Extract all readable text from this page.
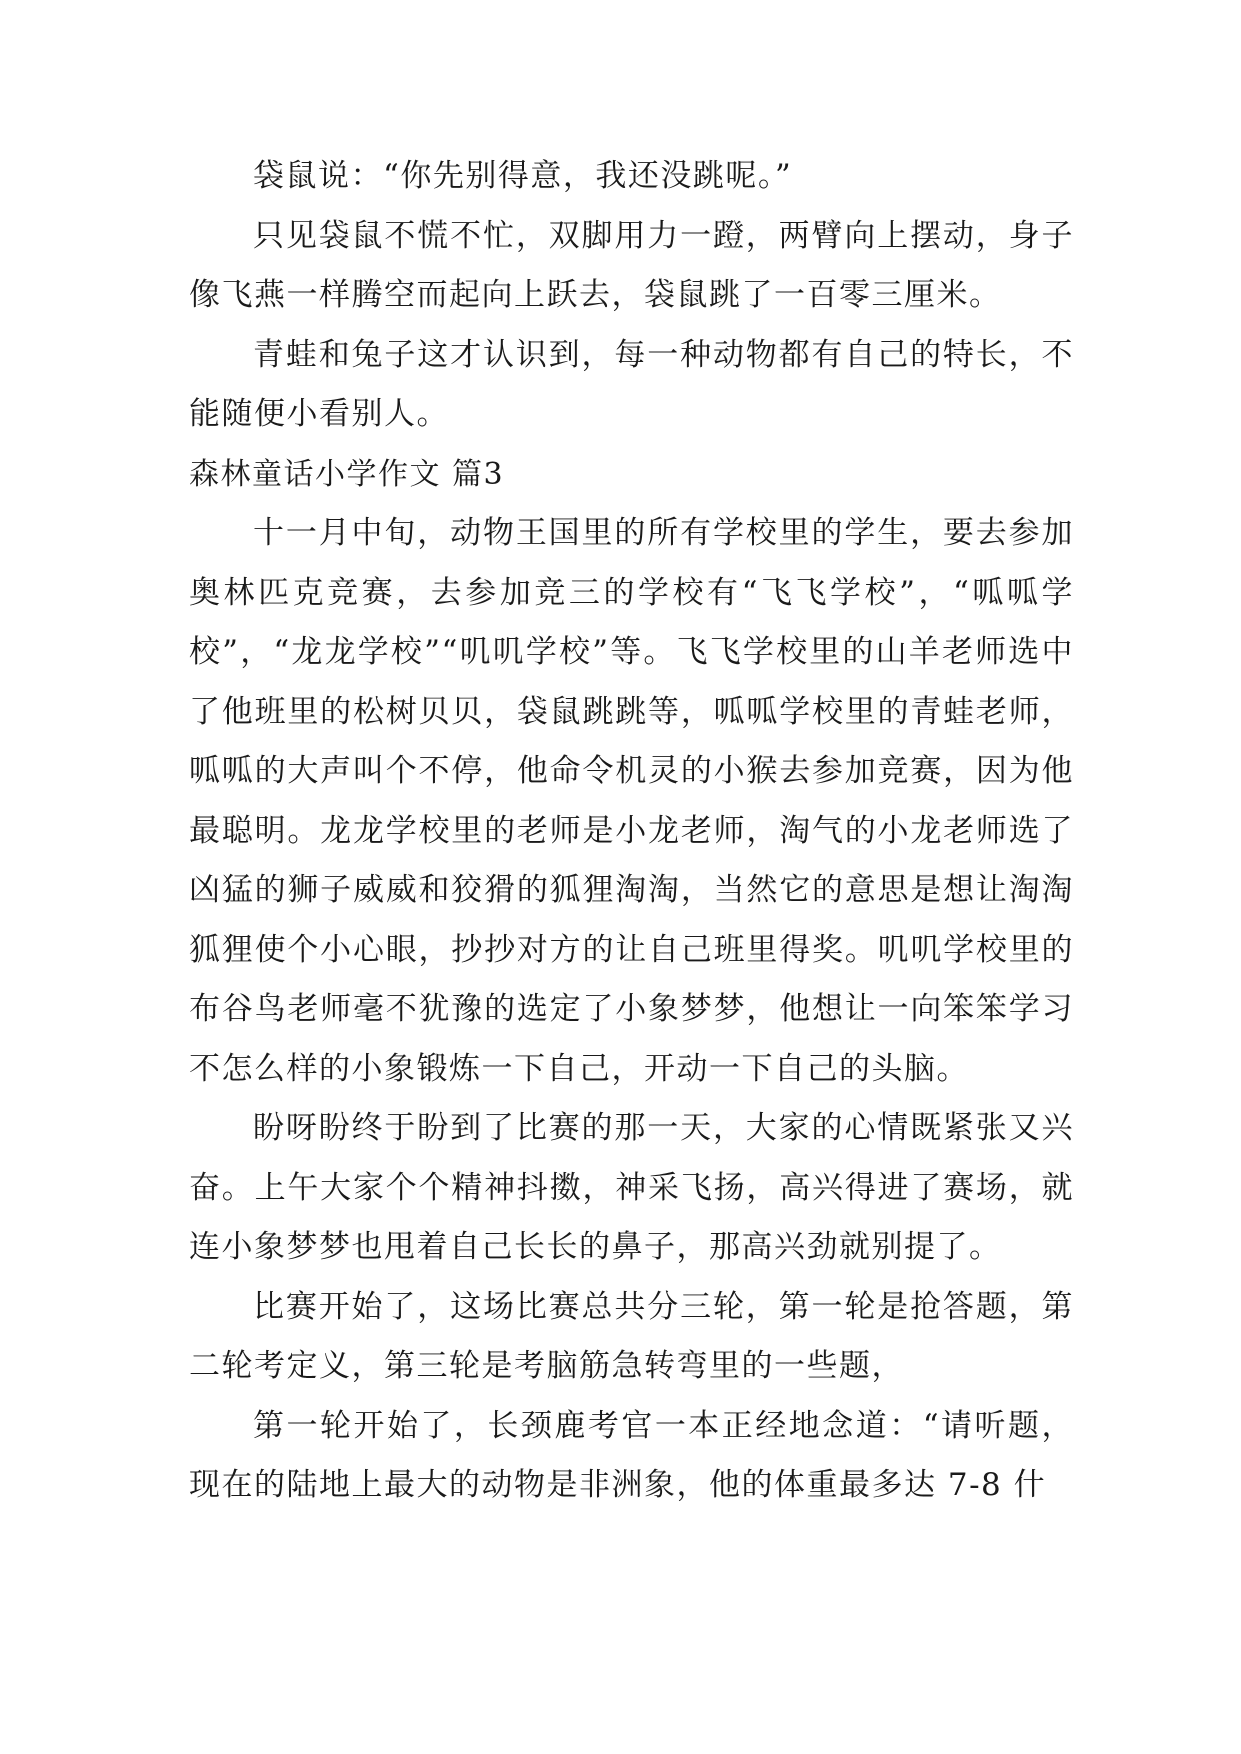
袋鼠说：“你先别得意，我还没跳呢。”

只见袋鼠不慌不忙，双脚用力一蹬，两臂向上摆动，身子像飞燕一样腾空而起向上跃去，袋鼠跳了一百零三厘米。

青蛙和兔子这才认识到，每一种动物都有自己的特长，不能随便小看别人。

森林童话小学作文 篇3

十一月中旬，动物王国里的所有学校里的学生，要去参加奥林匹克竞赛，去参加竞三的学校有“飞飞学校”，“呱呱学校”，“龙龙学校”“叽叽学校”等。飞飞学校里的山羊老师选中了他班里的松树贝贝，袋鼠跳跳等，呱呱学校里的青蛙老师，呱呱的大声叫个不停，他命令机灵的小猴去参加竞赛，因为他最聪明。龙龙学校里的老师是小龙老师，淘气的小龙老师选了凶猛的狮子威威和狡猾的狐狸淘淘，当然它的意思是想让淘淘狐狸使个小心眼，抄抄对方的让自己班里得奖。叽叽学校里的布谷鸟老师毫不犹豫的选定了小象梦梦，他想让一向笨笨学习不怎么样的小象锻炼一下自己，开动一下自己的头脑。

盼呀盼终于盼到了比赛的那一天，大家的心情既紧张又兴奋。上午大家个个精神抖擞，神采飞扬，高兴得进了赛场，就连小象梦梦也甩着自己长长的鼻子，那高兴劲就别提了。

比赛开始了，这场比赛总共分三轮，第一轮是抢答题，第二轮考定义，第三轮是考脑筋急转弯里的一些题，

第一轮开始了，长颈鹿考官一本正经地念道：“请听题，现在的陆地上最大的动物是非洲象，他的体重最多达 7-8 什
